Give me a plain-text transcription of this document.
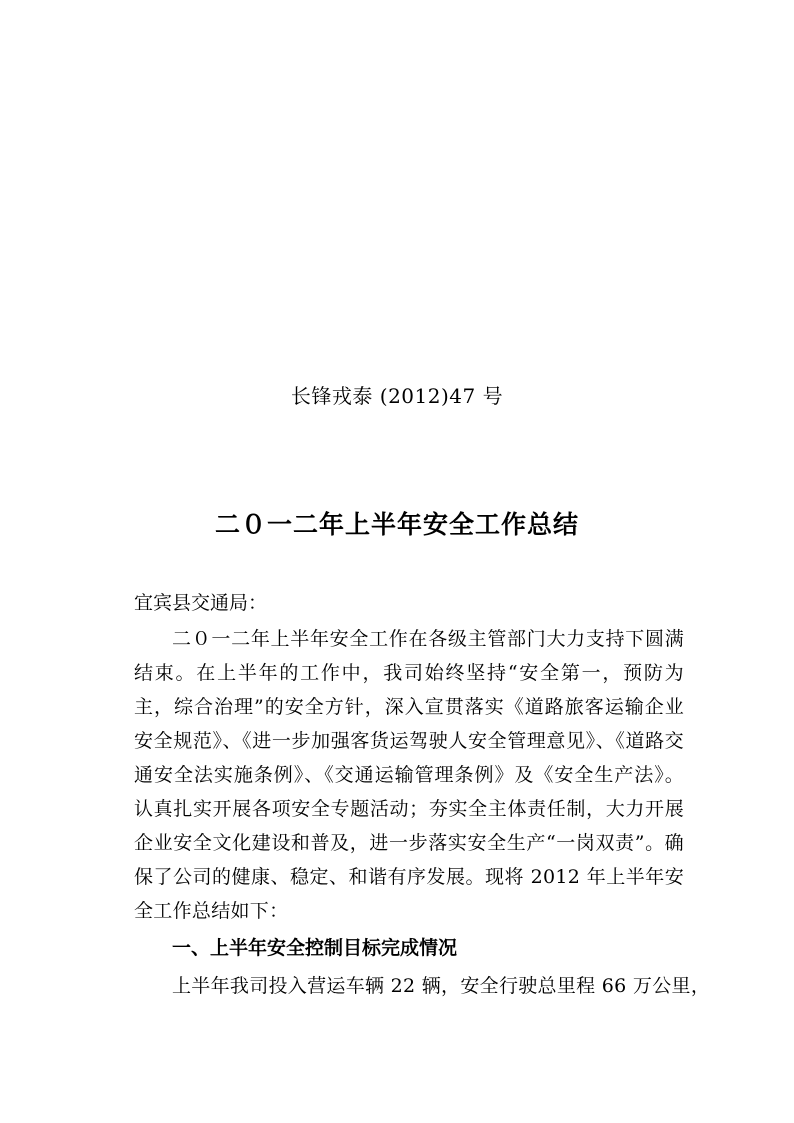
长锋戎泰 (2012)47 号
二０一二年上半年安全工作总结
宜宾县交通局：

二０一二年上半年安全工作在各级主管部门大力支持下圆满结束。在上半年的工作中，我司始终坚持“安全第一，预防为主，综合治理”的安全方针，深入宣贯落实《道路旅客运输企业安全规范》、《进一步加强客货运驾驶人安全管理意见》、《道路交通安全法实施条例》、《交通运输管理条例》及《安全生产法》。认真扎实开展各项安全专题活动；夯实全主体责任制，大力开展企业安全文化建设和普及，进一步落实安全生产“一岗双责”。确保了公司的健康、稳定、和谐有序发展。现将 2012 年上半年安全工作总结如下：

一、上半年安全控制目标完成情况

上半年我司投入营运车辆 22 辆，安全行驶总里程 66 万公里，
